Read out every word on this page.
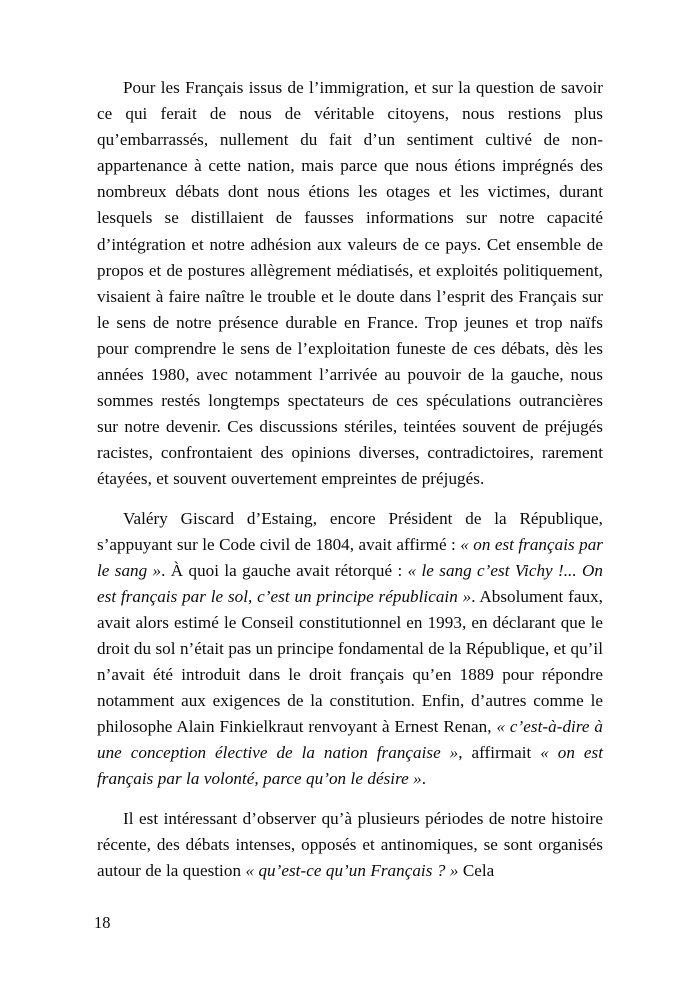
Pour les Français issus de l’immigration, et sur la question de savoir ce qui ferait de nous de véritable citoyens, nous restions plus qu’embarrassés, nullement du fait d’un sentiment cultivé de non-appartenance à cette nation, mais parce que nous étions imprégnés des nombreux débats dont nous étions les otages et les victimes, durant lesquels se distillaient de fausses informations sur notre capacité d’intégration et notre adhésion aux valeurs de ce pays. Cet ensemble de propos et de postures allègrement médiatisés, et exploités politiquement, visaient à faire naître le trouble et le doute dans l’esprit des Français sur le sens de notre présence durable en France. Trop jeunes et trop naïfs pour comprendre le sens de l’exploitation funeste de ces débats, dès les années 1980, avec notamment l’arrivée au pouvoir de la gauche, nous sommes restés longtemps spectateurs de ces spéculations outrancières sur notre devenir. Ces discussions stériles, teintées souvent de préjugés racistes, confrontaient des opinions diverses, contradictoires, rarement étayées, et souvent ouvertement empreintes de préjugés.

Valéry Giscard d’Estaing, encore Président de la République, s’appuyant sur le Code civil de 1804, avait affirmé : « on est français par le sang ». À quoi la gauche avait rétorqué : « le sang c’est Vichy !... On est français par le sol, c’est un principe républicain ». Absolument faux, avait alors estimé le Conseil constitutionnel en 1993, en déclarant que le droit du sol n’était pas un principe fondamental de la République, et qu’il n’avait été introduit dans le droit français qu’en 1889 pour répondre notamment aux exigences de la constitution. Enfin, d’autres comme le philosophe Alain Finkielkraut renvoyant à Ernest Renan, « c’est-à-dire à une conception élective de la nation française », affirmait « on est français par la volonté, parce qu’on le désire ».

Il est intéressant d’observer qu’à plusieurs périodes de notre histoire récente, des débats intenses, opposés et antinomiques, se sont organisés autour de la question « qu’est-ce qu’un Français ? » Cela

18
